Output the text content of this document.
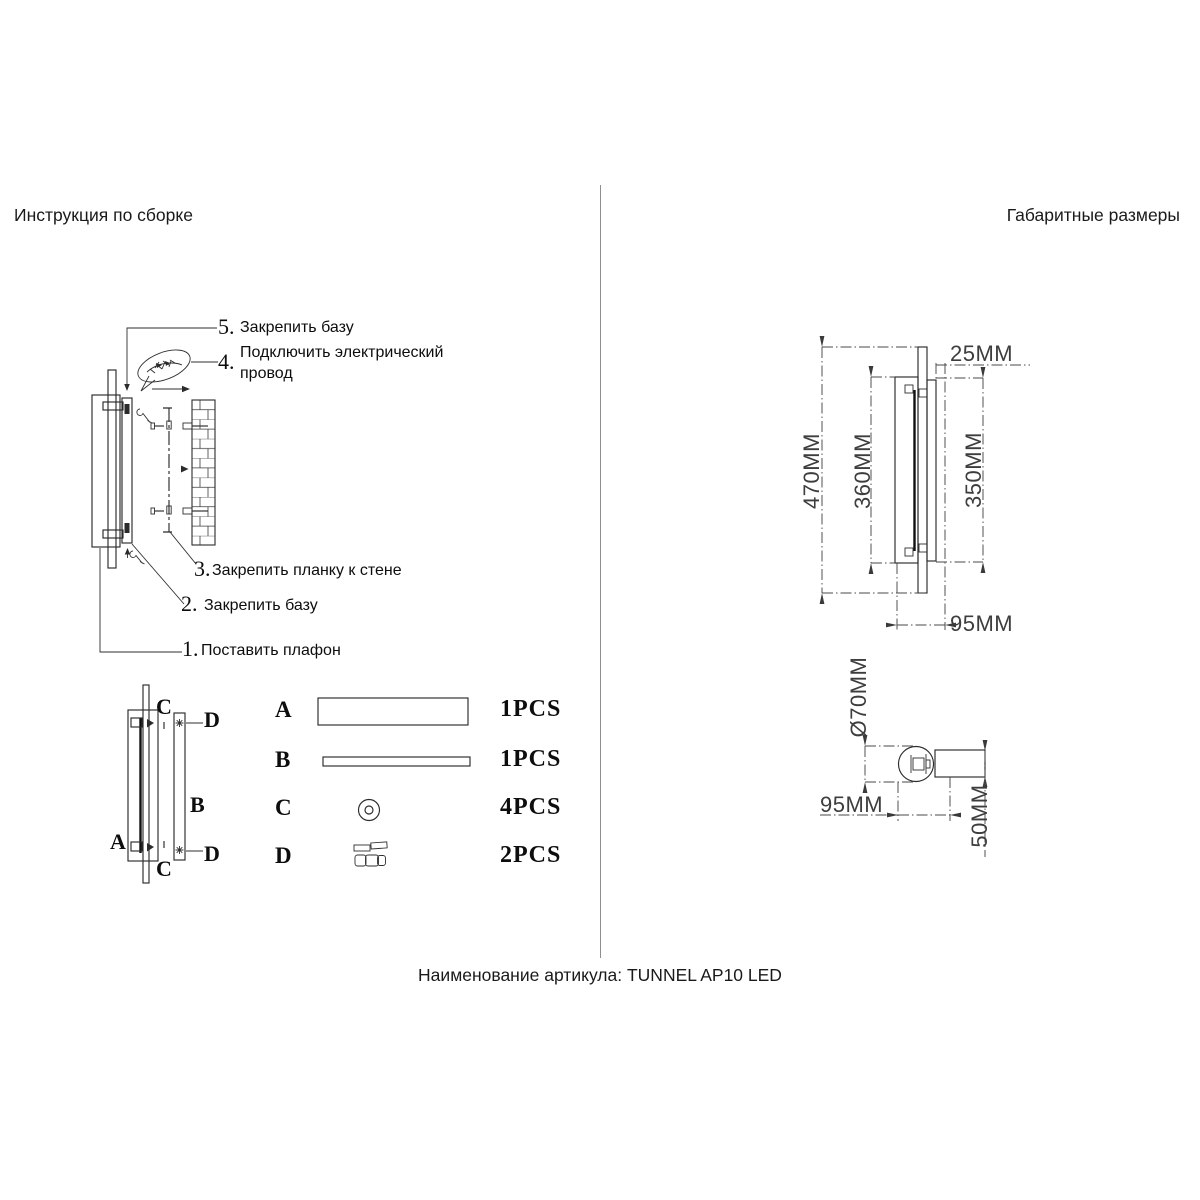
470MM 360MM	350MM
25MM
95MM
Ø70MM
95MM	50MM
Инструкция по сборке	Габаритные размеры
Наименование артикула: TUNNEL AP10 LED
5. Закрепить базу
4. Подключить электрический провод
3. Закрепить планку к стене
2. Закрепить базу
1. Поставить плафон
C
D
B
A
C
D
A	1PCS
B	1PCS
C	4PCS
D	2PCS
